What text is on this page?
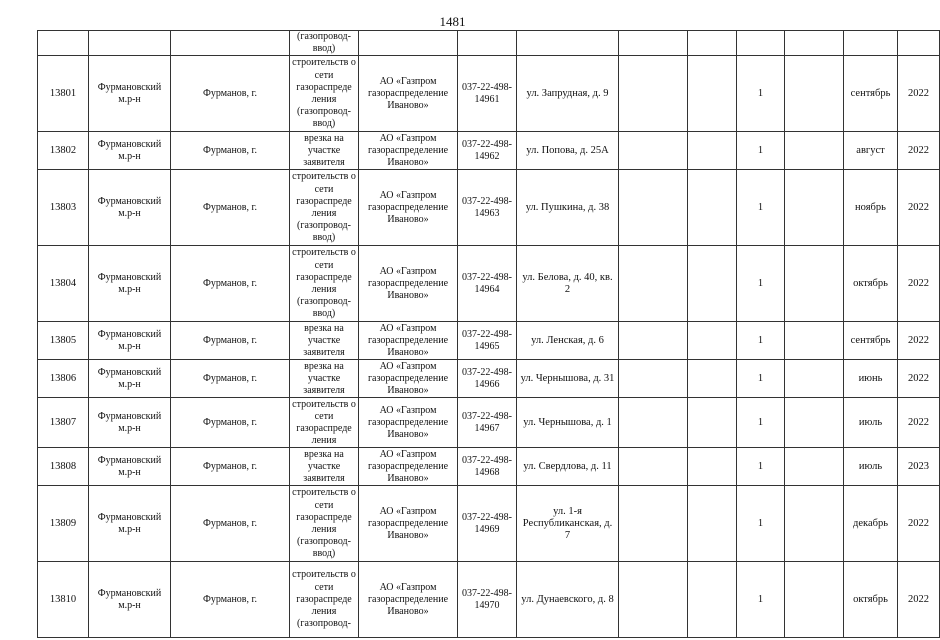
1481
			(газопровод-
ввод)									
13801	Фурмановский м.р-н	Фурманов, г.	строительств о сети газораспреде ления (газопровод-ввод)	АО «Газпром газораспределение Иваново»	037-22-498-14961	ул. Запрудная, д. 9			1		сентябрь	2022
13802	Фурмановский м.р-н	Фурманов, г.	врезка на участке заявителя	АО «Газпром газораспределение Иваново»	037-22-498-14962	ул. Попова, д. 25А			1		август	2022
13803	Фурмановский м.р-н	Фурманов, г.	строительств о сети газораспреде ления (газопровод-ввод)	АО «Газпром газораспределение Иваново»	037-22-498-14963	ул. Пушкина, д. 38			1		ноябрь	2022
13804	Фурмановский м.р-н	Фурманов, г.	строительств о сети газораспреде ления (газопровод-ввод)	АО «Газпром газораспределение Иваново»	037-22-498-14964	ул. Белова, д. 40, кв. 2			1		октябрь	2022
13805	Фурмановский м.р-н	Фурманов, г.	врезка на участке заявителя	АО «Газпром газораспределение Иваново»	037-22-498-14965	ул. Ленская, д. 6			1		сентябрь	2022
13806	Фурмановский м.р-н	Фурманов, г.	врезка на участке заявителя	АО «Газпром газораспределение Иваново»	037-22-498-14966	ул. Чернышова, д. 31			1		июнь	2022
13807	Фурмановский м.р-н	Фурманов, г.	строительств о сети газораспреде ления	АО «Газпром газораспределение Иваново»	037-22-498-14967	ул. Чернышова, д. 1			1		июль	2022
13808	Фурмановский м.р-н	Фурманов, г.	врезка на участке заявителя	АО «Газпром газораспределение Иваново»	037-22-498-14968	ул. Свердлова, д. 11			1		июль	2023
13809	Фурмановский м.р-н	Фурманов, г.	строительств о сети газораспреде ления (газопровод-ввод)	АО «Газпром газораспределение Иваново»	037-22-498-14969	ул. 1-я Республиканская, д. 7			1		декабрь	2022
13810	Фурмановский м.р-н	Фурманов, г.	строительств о сети газораспреде ления (газопровод-	АО «Газпром газораспределение Иваново»	037-22-498-14970	ул. Дунаевского, д. 8			1		октябрь	2022
